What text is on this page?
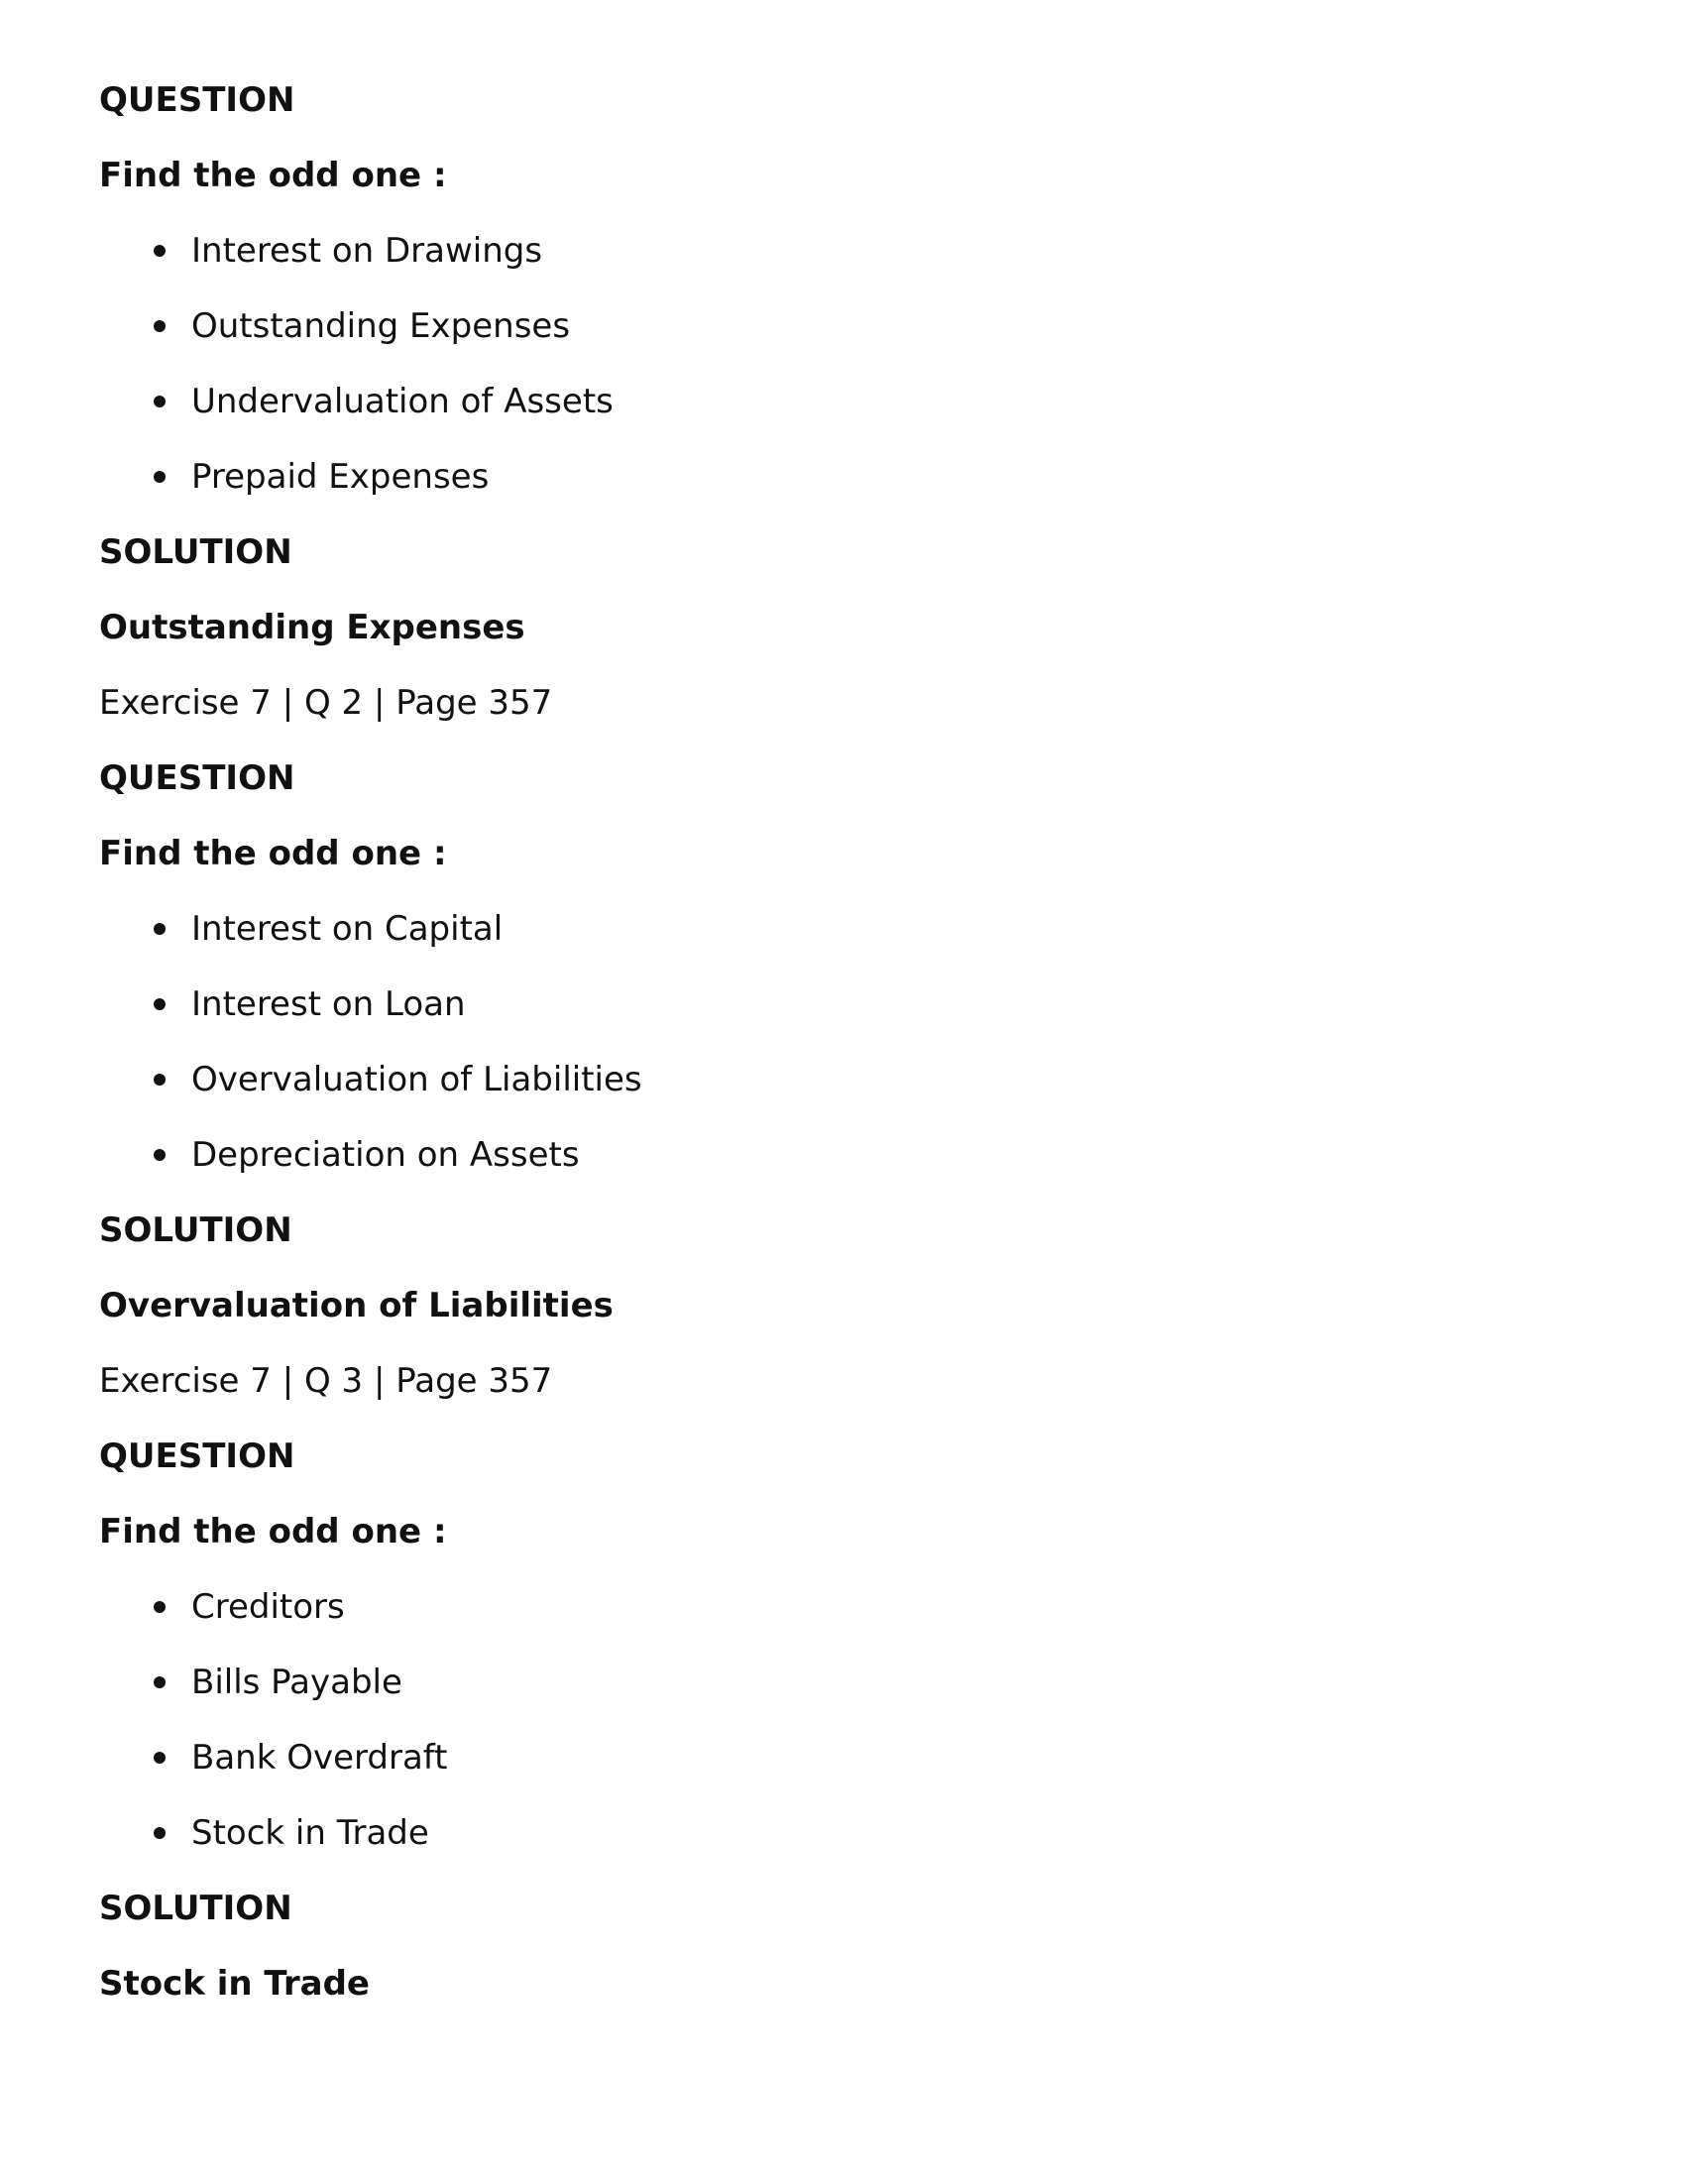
QUESTION
Find the odd one :
Interest on Drawings
Outstanding Expenses
Undervaluation of Assets
Prepaid Expenses
SOLUTION
Outstanding Expenses
Exercise 7 | Q 2 | Page 357
QUESTION
Find the odd one :
Interest on Capital
Interest on Loan
Overvaluation of Liabilities
Depreciation on Assets
SOLUTION
Overvaluation of Liabilities
Exercise 7 | Q 3 | Page 357
QUESTION
Find the odd one :
Creditors
Bills Payable
Bank Overdraft
Stock in Trade
SOLUTION
Stock in Trade
